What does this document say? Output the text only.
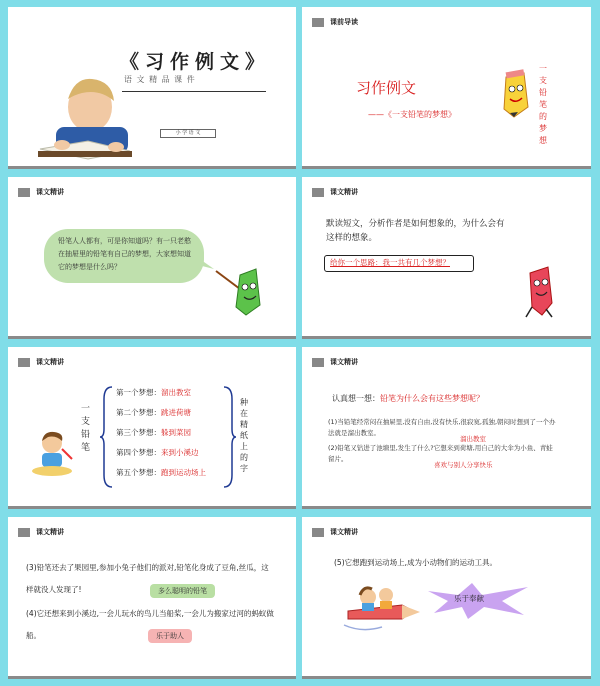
《习作例文》
语 文 精 品 课 件
小 学 语 文
课前导读
习作例文
——《一支铅笔的梦想》
一支铅笔的梦想
课文精讲
铅笔人人都有，可是你知道吗？有一只老憨在抽屉里的铅笔有自己的梦想，大家想知道它的梦想是什么吗？
课文精讲
默读短文，分析作者是如何想象的，为什么会有这样的想象。
给你一个思路：我一共有几个梦想？
课文精讲
一支铅笔
第一个梦想：溜出教室
第二个梦想：跳进荷塘
第三个梦想：躲到菜园
第四个梦想：来到小溪边
第五个梦想：跑到运动场上
种在精纸上的字
课文精讲
认真想一想：铅笔为什么会有这些梦想呢？
(1)当铅笔经常闷在抽屉里,没有自由,没有快乐,很寂寞,孤独,朝闷时想到了一个办法就是溜出教室。
溜出教室
(2)铅笔又钻进了池塘里,发生了什么?它想来到荷塘,用自己的大伞为小鱼、青蛙留片。
喜欢与别人分享快乐
课文精讲
(3)铅笔还去了果园里,参加小兔子他们的派对,铅笔化身成了豆角,丝瓜，这样就没人发现了!	多么聪明的铅笔
(4)它还想来到小溪边,一会儿玩水的鸟儿当船桨,一会儿为搬家过河的蚂蚁做船。	乐于助人
课文精讲
(5)它想跑到运动场上,成为小动物们的运动工具。
乐于奉献
